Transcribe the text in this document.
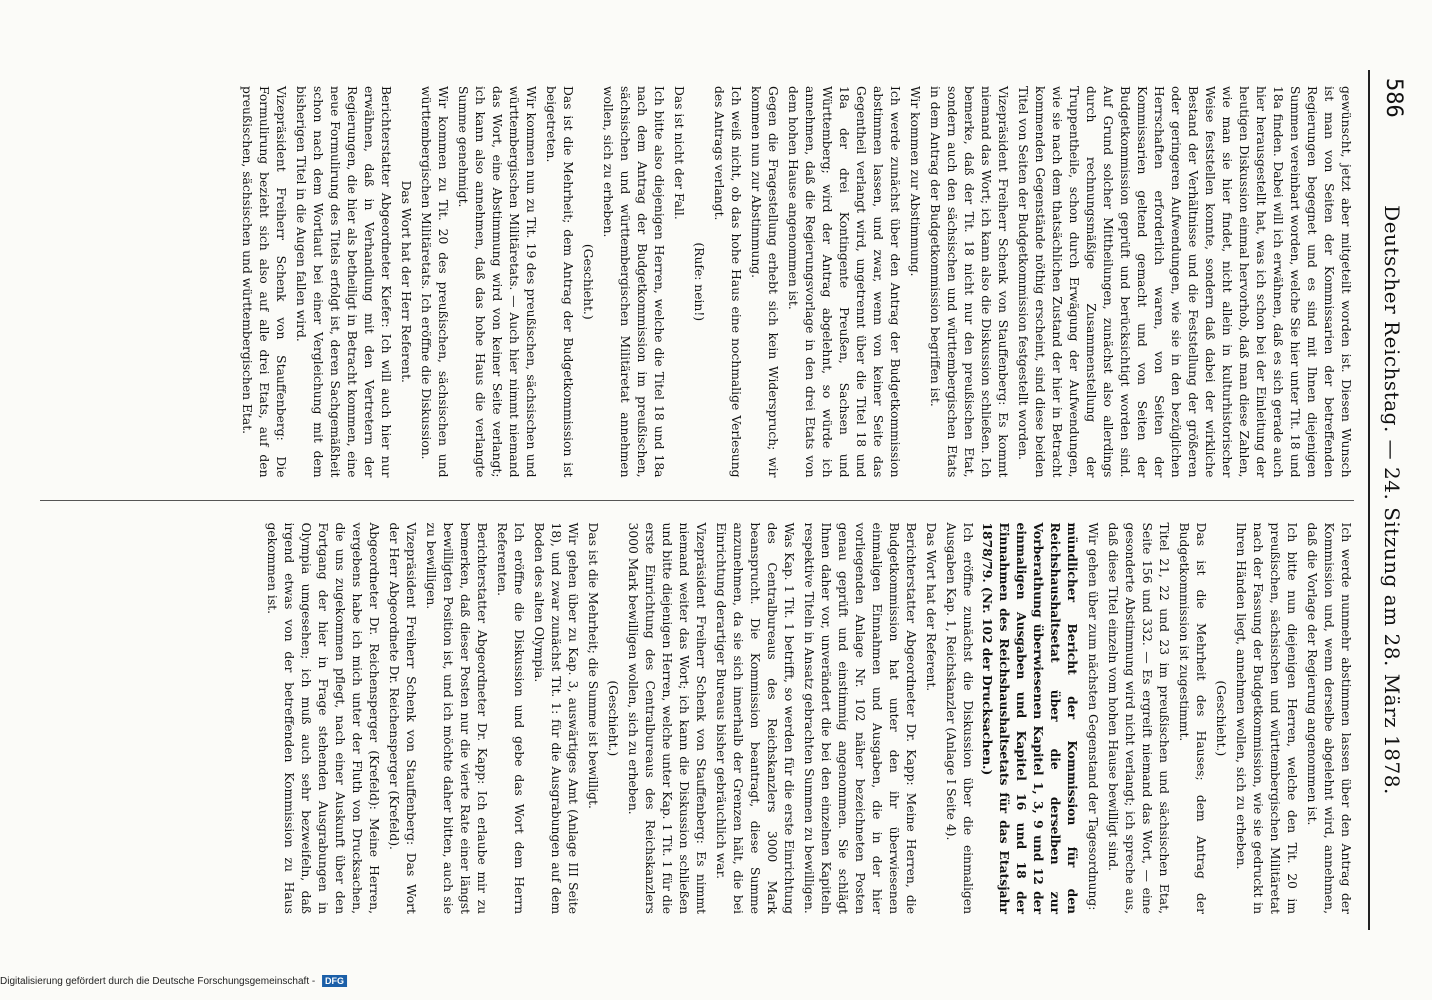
586
Deutscher Reichstag. — 24. Sitzung am 28. März 1878.

gewünscht, jetzt aber mitgeteilt worden ist. Diesen Wunsch ist man von Seiten der Kommissarien der betreffenden Regierungen begegnet und es sind mit Ihnen diejenigen Summen vereinbart worden, welche Sie hier unter Tit. 18 und 18a finden. Dabei will ich erwähnen, daß es sich gerade auch hier herausgestellt hat, was ich schon bei der Einleitung der heutigen Diskussion einmal hervorhob, daß man diese Zahlen, wie man sie hier findet, nicht allein in kulturhistorischer Weise feststellen konnte, sondern daß dabei der wirkliche Bestand der Verhältnisse und die Feststellung der größeren oder geringeren Aufwendungen, wie sie in den bezüglichen Herrschaften erforderlich waren, von Seiten der Kommissarien geltend gemacht und von Seiten der Budgetkommission geprüft und berücksichtigt worden sind. Auf Grund solcher Mittheilungen, zunächst also allerdings durch rechnungsmäßige Zusammenstellung der Truppentheile, schon durch Erwägung der Aufwendungen, wie sie nach dem thatsächlichen Zustand der hier in Betracht kommenden Gegenstände nöthig erscheint, sind diese beiden Titel von Seiten der Budgetkommission festgestellt worden.

Vizepräsident Freiherr Schenk von Stauffenberg: Es kommt niemand das Wort; ich kann also die Diskussion schließen. Ich bemerke, daß der Tit. 18 nicht nur den preußischen Etat, sondern auch den sächsischen und württembergischen Etats in dem Antrag der Budgetkommission begriffen ist.

Wir kommen zur Abstimmung.

Ich werde zunächst über den Antrag der Budgetkommission abstimmen lassen, und zwar, wenn von keiner Seite das Gegentheil verlangt wird, ungetrennt über die Titel 18 und 18a der drei Kontingente Preußen, Sachsen und Württemberg; wird der Antrag abgelehnt, so würde ich annehmen, daß die Regierungsvorlage in den drei Etats von dem hohen Hause angenommen ist.

Gegen die Fragestellung erhebt sich kein Widerspruch; wir kommen nun zur Abstimmung.

Ich weiß nicht, ob das hohe Haus eine nochmalige Verlesung des Antrags verlangt.

(Rufe: nein!)

Das ist nicht der Fall.

Ich bitte also diejenigen Herren, welche die Titel 18 und 18a nach dem Antrag der Budgetkommission im preußischen, sächsischen und württembergischen Militäretat annehmen wollen, sich zu erheben.

(Geschieht.)

Das ist die Mehrheit; dem Antrag der Budgetkommission ist beigetreten.

Wir kommen nun zu Tit. 19 des preußischen, sächsischen und württembergischen Militäretats. — Auch hier nimmt niemand das Wort, eine Abstimmung wird von keiner Seite verlangt; ich kann also annehmen, daß das hohe Haus die verlangte Summe genehmigt.

Wir kommen zu Tit. 20 des preußischen, sächsischen und württembergischen Militäretats. Ich eröffne die Diskussion.

Das Wort hat der Herr Referent.

Berichterstatter Abgeordneter Kiefer: Ich will auch hier nur erwähnen, daß in Verhandlung mit den Vertretern der Regierungen, die hier als betheiligt in Betracht kommen, eine neue Formulirung des Titels erfolgt ist, deren Sachgemäßheit schon nach dem Wortlaut bei einer Vergleichung mit dem bisherigen Titel in die Augen fallen wird.

Vizepräsident Freiherr Schenk von Stauffenberg: Die Formulirung bezieht sich also auf alle drei Etats, auf den preußischen, sächsischen und württembergischen Etat.

Ich werde nunmehr abstimmen lassen über den Antrag der Kommission und, wenn derselbe abgelehnt wird, annehmen, daß die Vorlage der Regierung angenommen ist.

Ich bitte nun diejenigen Herren, welche den Tit. 20 im preußischen, sächsischen und württembergischen Militäretat nach der Fassung der Budgetkommission, wie sie gedruckt in Ihren Händen liegt, annehmen wollen, sich zu erheben.

(Geschieht.)

Das ist die Mehrheit des Hauses; dem Antrag der Budgetkommission ist zugestimmt.

Titel 21, 22 und 23 im preußischen und sächsischen Etat, Seite 156 und 332. — Es ergreift niemand das Wort, — eine gesonderte Abstimmung wird nicht verlangt; ich spreche aus, daß diese Titel einzeln vom hohen Hause bewilligt sind.

Wir gehen über zum nächsten Gegenstand der Tagesordnung:

mündlicher Bericht der Kommission für den Reichshaushaltsetat über die derselben zur Vorberathung überwiesenen Kapitel 1, 3, 9 und 12 der einmaligen Ausgaben und Kapitel 16 und 18 der Einnahmen des Reichshaushaltsetats für das Etatsjahr 1878/79. (Nr. 102 der Drucksachen.)

Ich eröffne zunächst die Diskussion über die einmaligen Ausgaben Kap. 1, Reichskanzler (Anlage I Seite 4).

Das Wort hat der Referent.

Berichterstatter Abgeordneter Dr. Kapp: Meine Herren, die Budgetkommission hat unter den ihr überwiesenen einmaligen Einnahmen und Ausgaben, die in der hier vorliegenden Anlage Nr. 102 näher bezeichneten Posten genau geprüft und einstimmig angenommen. Sie schlägt Ihnen daher vor, unverändert die bei den einzelnen Kapiteln respektive Titeln in Ansatz gebrachten Summen zu bewilligen.

Was Kap. 1 Tit. 1 betrifft, so werden für die erste Einrichtung des Centralbureaus des Reichskanzlers 3000 Mark beansprucht. Die Kommission beantragt, diese Summe anzunehmen, da sie sich innerhalb der Grenzen hält, die bei Einrichtung derartiger Bureaus bisher gebräuchlich war.

Vizepräsident Freiherr Schenk von Stauffenberg: Es nimmt niemand weiter das Wort; ich kann die Diskussion schließen und bitte diejenigen Herren, welche unter Kap. 1 Tit. 1 für die erste Einrichtung des Centralbureaus des Reichskanzlers 3000 Mark bewilligen wollen, sich zu erheben.

(Geschieht.)

Das ist die Mehrheit; die Summe ist bewilligt.

Wir gehen über zu Kap. 3, auswärtiges Amt (Anlage III Seite 18), und zwar zunächst Tit. 1: für die Ausgrabungen auf dem Boden des alten Olympia.

Ich eröffne die Diskussion und gebe das Wort dem Herrn Referenten.

Berichterstatter Abgeordneter Dr. Kapp: Ich erlaube mir zu bemerken, daß dieser Posten nur die vierte Rate einer längst bewilligten Position ist, und ich möchte daher bitten, auch sie zu bewilligen.

Vizepräsident Freiherr Schenk von Stauffenberg: Das Wort der Herr Abgeordnete Dr. Reichensperger (Krefeld).

Abgeordneter Dr. Reichensperger (Krefeld): Meine Herren, vergebens habe ich mich unter der Fluth von Drucksachen, die uns zugekommen pflegt, nach einer Auskunft über den Fortgang der hier in Frage stehenden Ausgrabungen in Olympia umgesehen; ich muß auch sehr bezweifeln, daß irgend etwas von der betreffenden Kommission zu Haus gekommen ist.

Digitalisierung gefördert durch die Deutsche Forschungsgemeinschaft - DFG
